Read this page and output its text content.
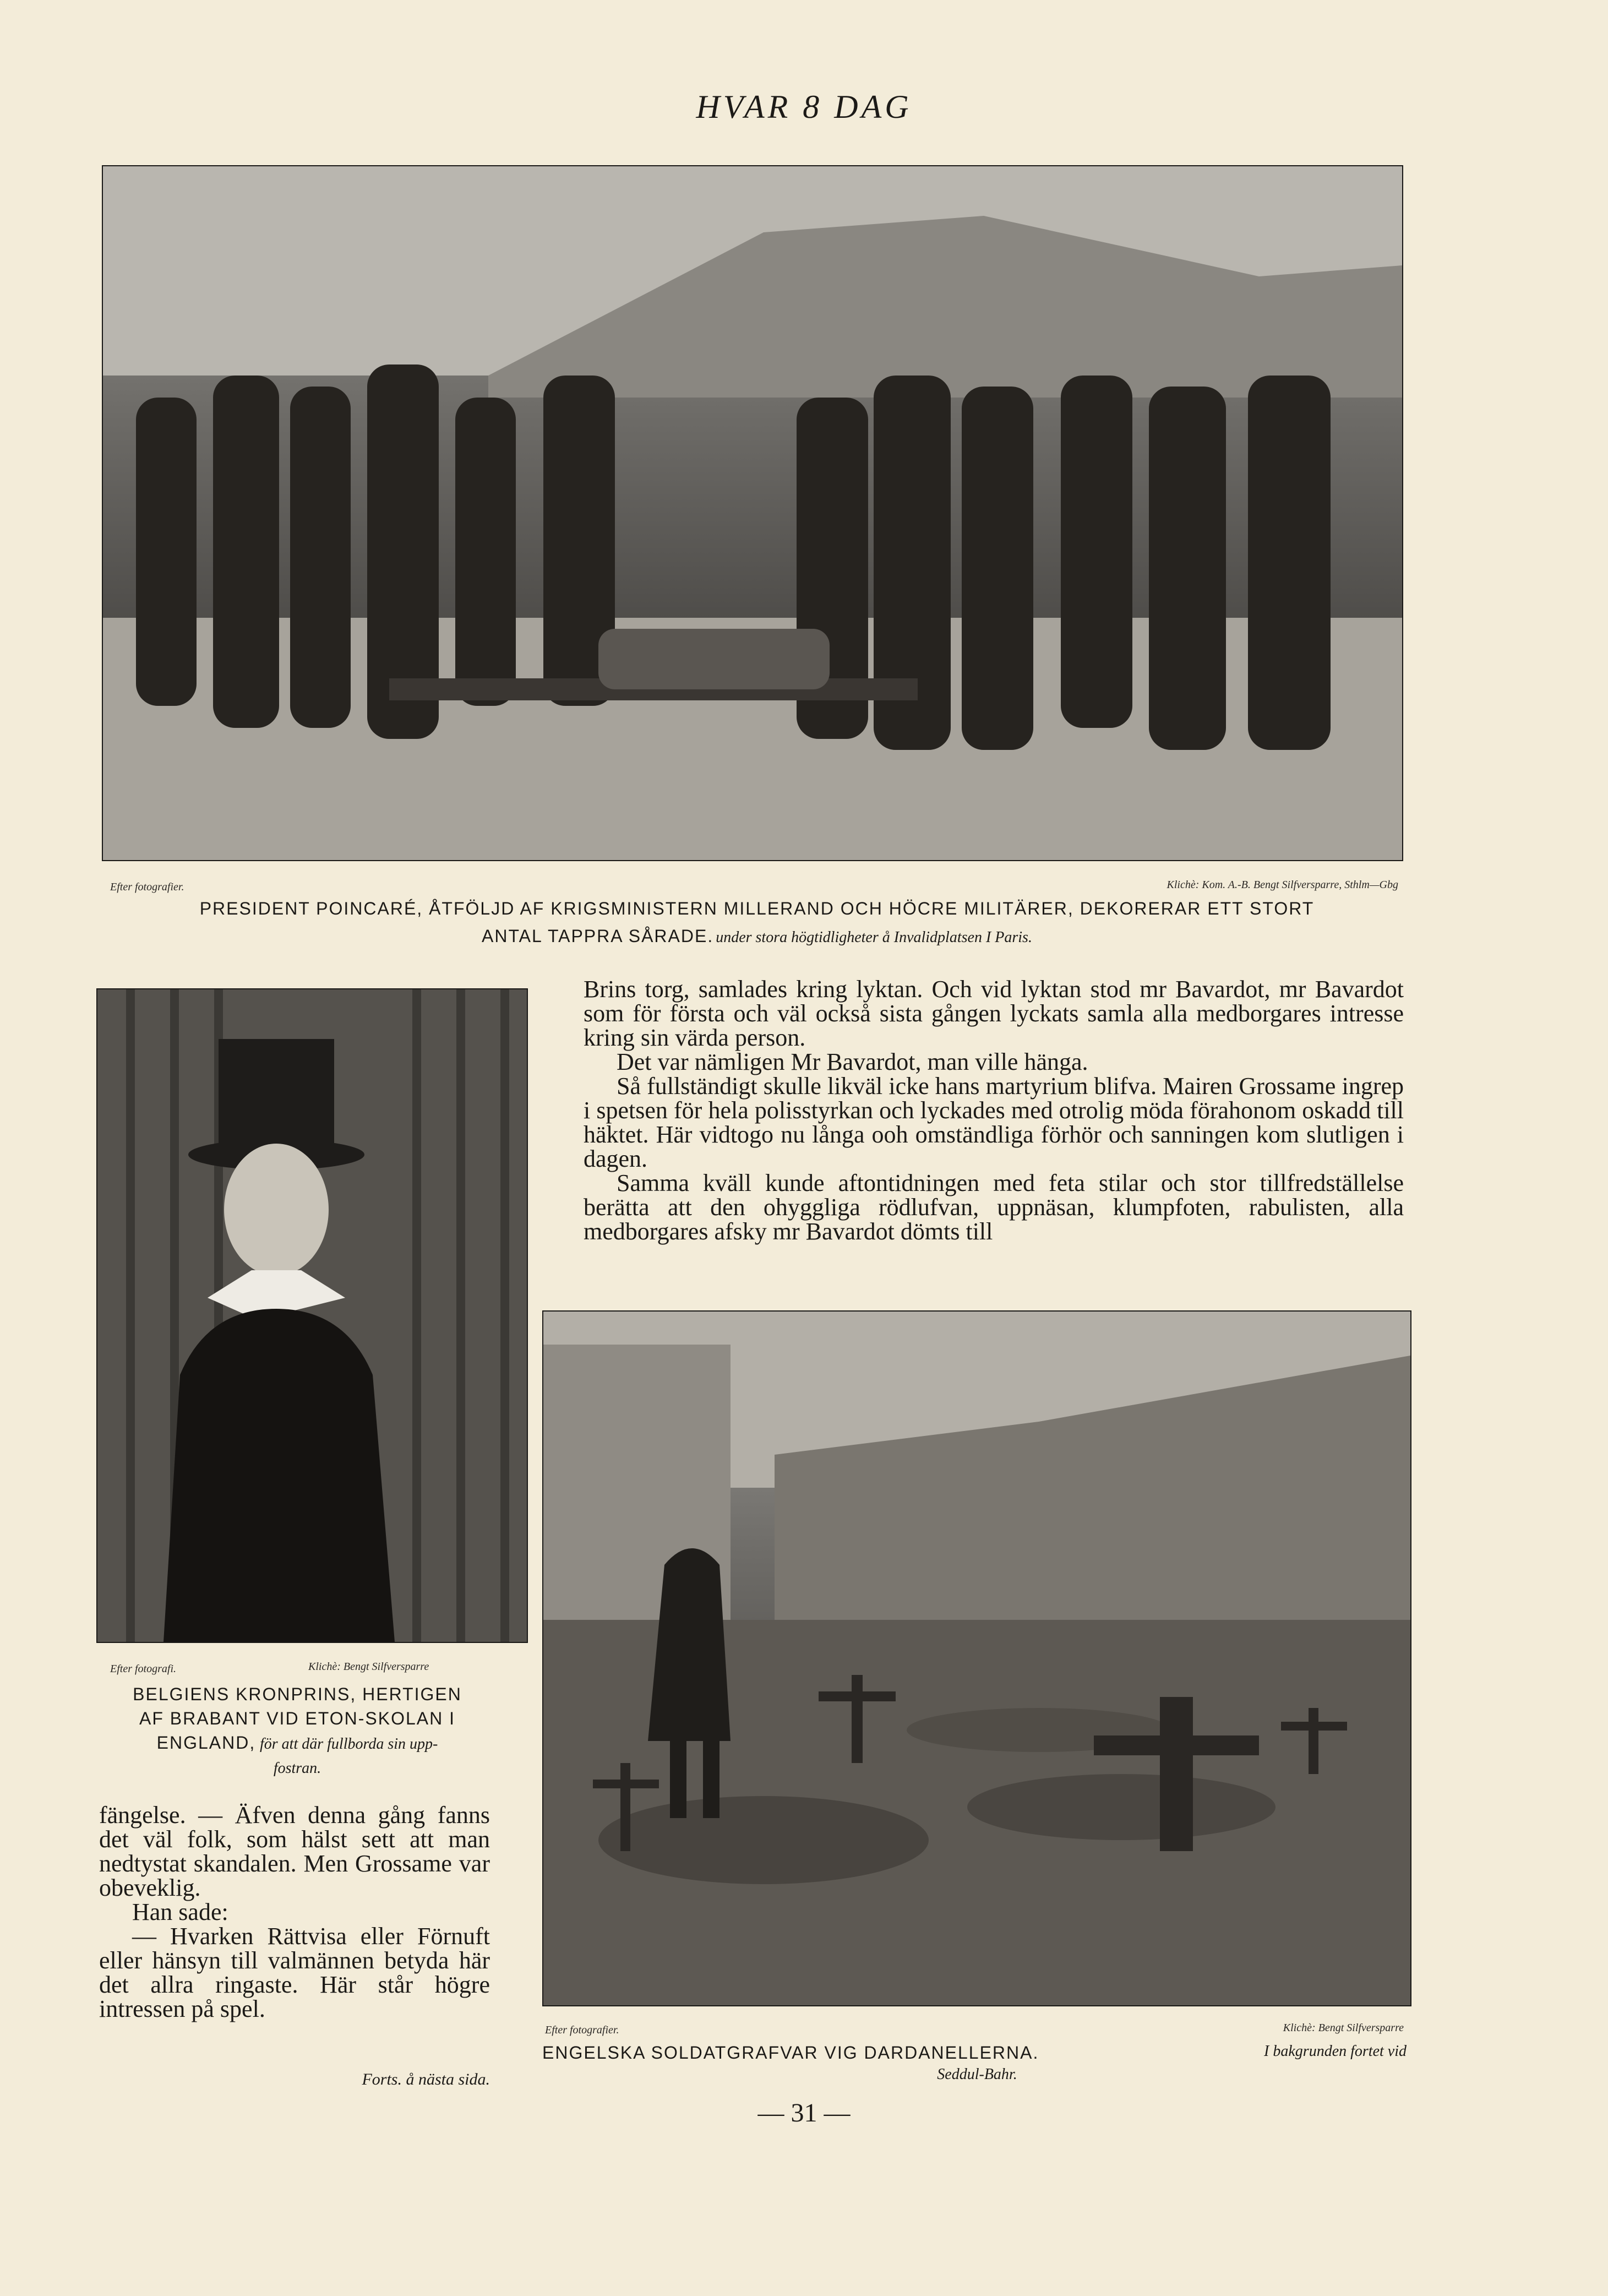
HVAR 8 DAG
Efter fotografier.	Klichè: Kom. A.-B. Bengt Silfversparre, Sthlm—Gbg
PRESIDENT POINCARÉ, ÅTFÖLJD AF KRIGSMINISTERN MILLERAND OCH HÖCRE MILITÄRER, DEKORERAR ETT STORT
ANTAL TAPPRA SÅRADE. under stora högtidligheter å Invalidplatsen I Paris.
Efter fotografi.	Klichè: Bengt Silfversparre
BELGIENS KRONPRINS, HERTIGEN
AF BRABANT VID ETON-SKOLAN I
ENGLAND, för att där fullborda sin upp-
fostran.

Brins torg, samlades kring lyktan. Och vid lyktan stod mr Bavardot, mr Bavardot som för första och väl också sista gången lyckats samla alla medborgares intresse kring sin värda person.

Det var nämligen Mr Bavardot, man ville hänga.

Så fullständigt skulle likväl icke hans martyrium blifva. Mairen Grossame ingrep i spetsen för hela polisstyrkan och lyckades med otrolig möda förahonom oskadd till häktet. Här vidtogo nu långa ooh omständliga förhör och sanningen kom slutligen i dagen.

Samma kväll kunde aftontidningen med feta stilar och stor tillfredställelse berätta att den ohyggliga rödlufvan, uppnäsan, klumpfoten, rabulisten, alla medborgares afsky mr Bavardot dömts till

Efter fotografier.	Klichè: Bengt Silfversparre
ENGELSKA SOLDATGRAFVAR VIG DARDANELLERNA.	I bakgrunden fortet vid
Seddul-Bahr.

fängelse. — Äfven denna gång fanns det väl folk, som hälst sett att man nedtystat skandalen. Men Grossame var obeveklig.

Han sade:

— Hvarken Rättvisa eller Förnuft eller hänsyn till valmännen betyda här det allra ringaste. Här står högre intressen på spel.

Forts. å nästa sida.
— 31 —
